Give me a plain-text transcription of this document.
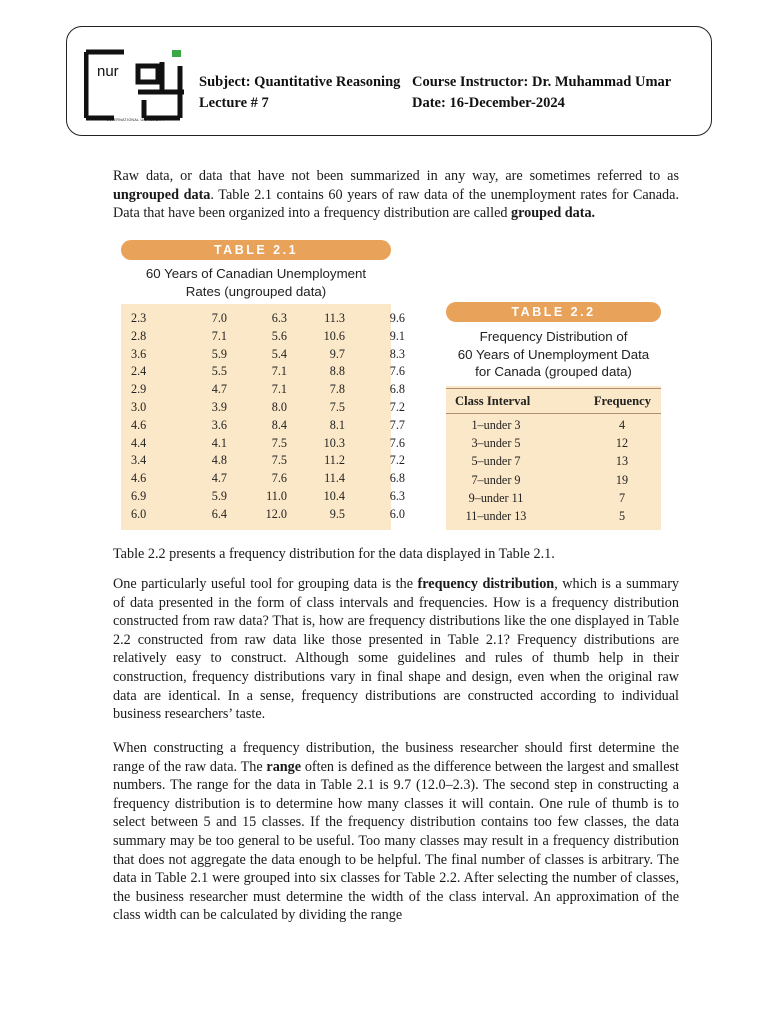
nur
INTERNATIONAL UNIVERSITY
Subject: Quantitative Reasoning Course Instructor: Dr. Muhammad Umar
Lecture # 7	Date: 16-December-2024

Raw data, or data that have not been summarized in any way, are sometimes referred to as ungrouped data. Table 2.1 contains 60 years of raw data of the unemployment rates for Canada. Data that have been organized into a frequency distribution are called grouped data.

TABLE 2.1
60 Years of Canadian Unemployment
Rates (ungrouped data)
2.3	7.0	6.3	11.3	9.6
2.8	7.1	5.6	10.6	9.1
3.6	5.9	5.4	9.7	8.3
2.4	5.5	7.1	8.8	7.6
2.9	4.7	7.1	7.8	6.8
3.0	3.9	8.0	7.5	7.2
4.6	3.6	8.4	8.1	7.7
4.4	4.1	7.5	10.3	7.6
3.4	4.8	7.5	11.2	7.2
4.6	4.7	7.6	11.4	6.8
6.9	5.9	11.0	10.4	6.3
6.0	6.4	12.0	9.5	6.0
TABLE 2.2
Frequency Distribution of
60 Years of Unemployment Data
for Canada (grouped data)
Class Interval	Frequency
1–under 3	4
3–under 5	12
5–under 7	13
7–under 9	19
9–under 11	7
11–under 13	5

Table 2.2 presents a frequency distribution for the data displayed in Table 2.1.

One particularly useful tool for grouping data is the frequency distribution, which is a summary of data presented in the form of class intervals and frequencies. How is a frequency distribution constructed from raw data? That is, how are frequency distributions like the one displayed in Table 2.2 constructed from raw data like those presented in Table 2.1? Frequency distributions are relatively easy to construct. Although some guidelines and rules of thumb help in their construction, frequency distributions vary in final shape and design, even when the original raw data are identical. In a sense, frequency distributions are constructed according to individual business researchers’ taste.

When constructing a frequency distribution, the business researcher should first determine the range of the raw data. The range often is defined as the difference between the largest and smallest numbers. The range for the data in Table 2.1 is 9.7 (12.0–2.3). The second step in constructing a frequency distribution is to determine how many classes it will contain. One rule of thumb is to select between 5 and 15 classes. If the frequency distribution contains too few classes, the data summary may be too general to be useful. Too many classes may result in a frequency distribution that does not aggregate the data enough to be helpful. The final number of classes is arbitrary. The data in Table 2.1 were grouped into six classes for Table 2.2. After selecting the number of classes, the business researcher must determine the width of the class interval. An approximation of the class width can be calculated by dividing the range
